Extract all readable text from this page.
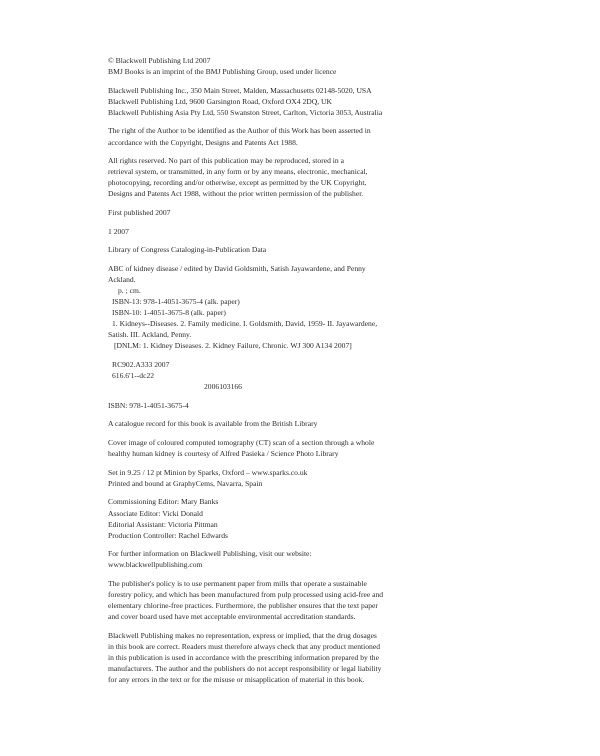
© Blackwell Publishing Ltd 2007
BMJ Books is an imprint of the BMJ Publishing Group, used under licence
Blackwell Publishing Inc., 350 Main Street, Malden, Massachusetts 02148-5020, USA
Blackwell Publishing Ltd, 9600 Garsington Road, Oxford OX4 2DQ, UK
Blackwell Publishing Asia Pty Ltd, 550 Swanston Street, Carlton, Victoria 3053, Australia
The right of the Author to be identified as the Author of this Work has been asserted in
accordance with the Copyright, Designs and Patents Act 1988.
All rights reserved. No part of this publication may be reproduced, stored in a
retrieval system, or transmitted, in any form or by any means, electronic, mechanical,
photocopying, recording and/or otherwise, except as permitted by the UK Copyright,
Designs and Patents Act 1988, without the prior written permission of the publisher.
First published 2007
1 2007
Library of Congress Cataloging-in-Publication Data
ABC of kidney disease / edited by David Goldsmith, Satish Jayawardene, and Penny
Ackland.
p. ; cm.
ISBN-13: 978-1-4051-3675-4 (alk. paper)
ISBN-10: 1-4051-3675-8 (alk. paper)
1. Kidneys--Diseases. 2. Family medicine. I. Goldsmith, David, 1959- II. Jayawardene,
Satish. III. Ackland, Penny.
[DNLM: 1. Kidney Diseases. 2. Kidney Failure, Chronic. WJ 300 A134 2007]
RC902.A333 2007
616.6'1--dc22
2006103166
ISBN: 978-1-4051-3675-4
A catalogue record for this book is available from the British Library
Cover image of coloured computed tomography (CT) scan of a section through a whole
healthy human kidney is courtesy of Alfred Pasieka / Science Photo Library
Set in 9.25 / 12 pt Minion by Sparks, Oxford – www.sparks.co.uk
Printed and bound at GraphyCems, Navarra, Spain
Commissioning Editor: Mary Banks
Associate Editor: Vicki Donald
Editorial Assistant: Victoria Pittman
Production Controller: Rachel Edwards
For further information on Blackwell Publishing, visit our website:
www.blackwellpublishing.com
The publisher's policy is to use permanent paper from mills that operate a sustainable
forestry policy, and which has been manufactured from pulp processed using acid-free and
elementary chlorine-free practices. Furthermore, the publisher ensures that the text paper
and cover board used have met acceptable environmental accreditation standards.
Blackwell Publishing makes no representation, express or implied, that the drug dosages
in this book are correct. Readers must therefore always check that any product mentioned
in this publication is used in accordance with the prescribing information prepared by the
manufacturers. The author and the publishers do not accept responsibility or legal liability
for any errors in the text or for the misuse or misapplication of material in this book.
